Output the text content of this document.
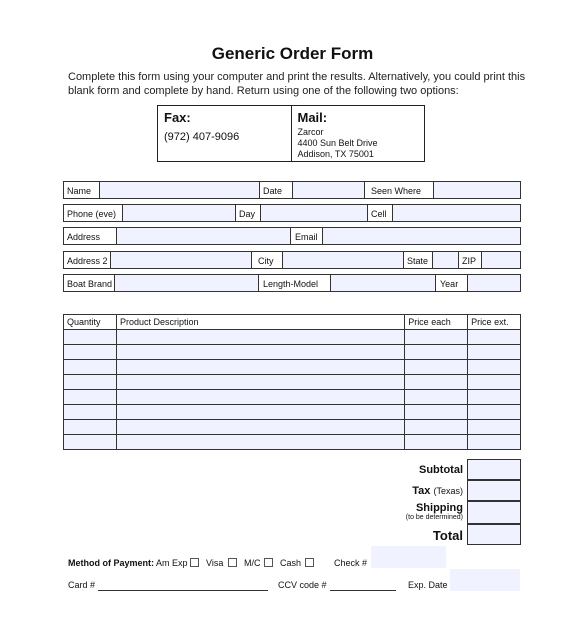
Generic Order Form
Complete this form using your computer and print the results. Alternatively, you could print this blank form and complete by hand. Return using one of the following two options:
Fax:
(972) 407-9096
Mail:
Zarcor
4400 Sun Belt Drive
Addison, TX 75001
Name	Date	Seen Where
Phone (eve)	Day	Cell
Address	Email
Address 2	City	State	ZIP
Boat Brand	Length-Model	Year
Quantity	Product Description	Price each	Price ext.

Subtotal
Tax (Texas)
Shipping
(to be determined)
Total
Method of Payment: Am Exp Visa M/C Cash	Check #
Card #	CCV code #	Exp. Date
